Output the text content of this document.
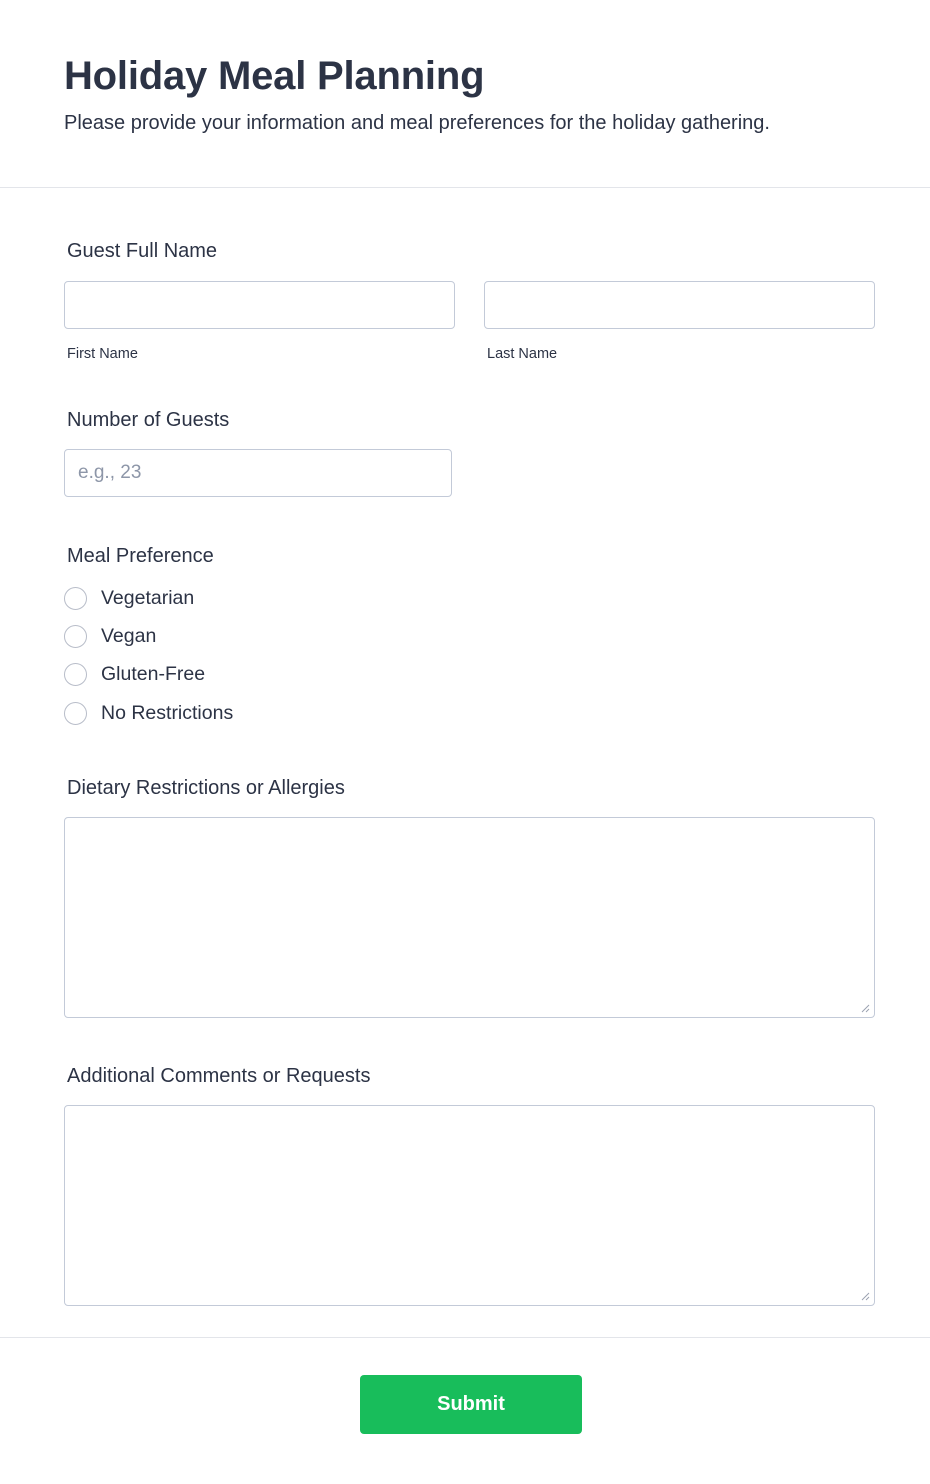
Holiday Meal Planning
Please provide your information and meal preferences for the holiday gathering.
Guest Full Name
First Name	Last Name
Number of Guests
e.g., 23
Meal Preference
Vegetarian
Vegan
Gluten-Free
No Restrictions
Dietary Restrictions or Allergies
Additional Comments or Requests
Submit
